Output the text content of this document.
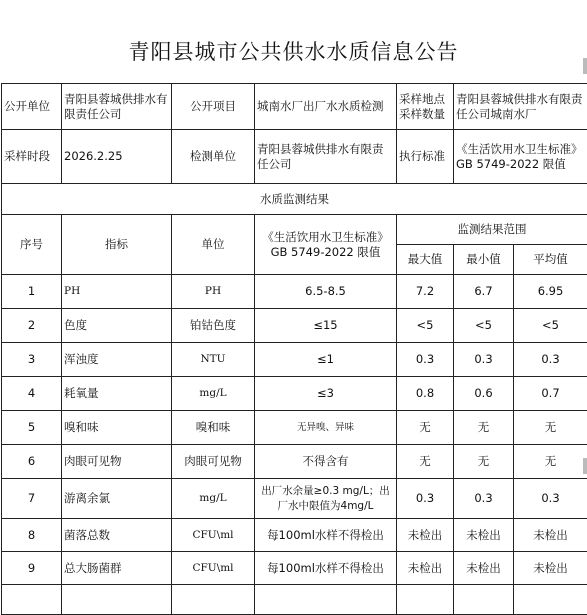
青阳县城市公共供水水质信息公告
公开单位	青阳县蓉城供排水有限责任公司	公开项目	城南水厂出厂水水质检测	采样地点采样数量	青阳县蓉城供排水有限责任公司城南水厂	
采样时段	2026.2.25	检测单位	青阳县蓉城供排水有限责任公司	执行标准	《生活饮用水卫生标准》GB 5749-2022 限值	
水质监测结果						
序号	指标	单位	《生活饮用水卫生标准》GB 5749-2022 限值	监测结果范围		
				最大值	最小值	平均值
1	PH	PH	6.5-8.5	7.2	6.7	6.95
2	色度	铂钴色度	≤15	<5	<5	<5
3	浑浊度	NTU	≤1	0.3	0.3	0.3
4	耗氧量	mg/L	≤3	0.8	0.6	0.7
5	嗅和味	嗅和味	无异嗅、异味	无	无	无
6	肉眼可见物	肉眼可见物	不得含有	无	无	无
7	游离余氯	mg/L	出厂水余量≥0.3 mg/L；出厂水中限值为4mg/L	0.3	0.3	0.3
8	菌落总数	CFU\ml	每100ml水样不得检出	未检出	未检出	未检出
9	总大肠菌群	CFU\ml	每100ml水样不得检出	未检出	未检出	未检出
